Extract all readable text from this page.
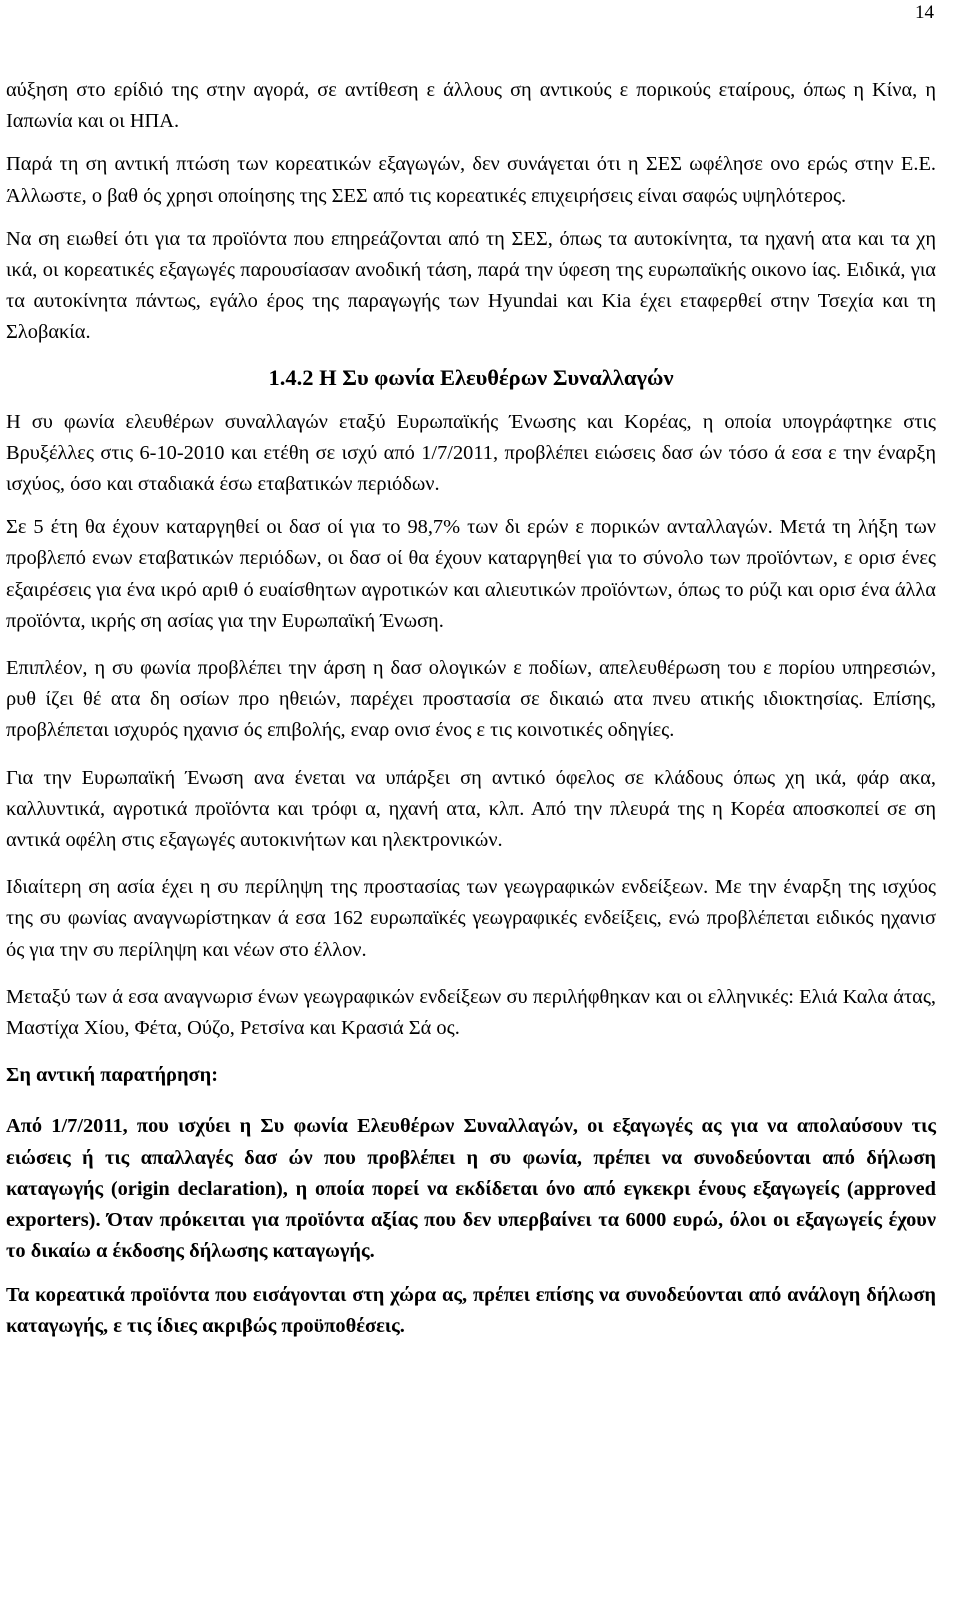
14

αύξηση στο ερίδιό της στην αγορά, σε αντίθεση ε άλλους ση αντικούς ε πορικούς εταίρους, όπως η Κίνα, η Ιαπωνία και οι ΗΠΑ.

Παρά τη ση αντική πτώση των κορεατικών εξαγωγών, δεν συνάγεται ότι η ΣΕΣ ωφέλησε ονο ερώς στην Ε.Ε. Άλλωστε, ο βαθ ός χρησι οποίησης της ΣΕΣ από τις κορεατικές επιχειρήσεις είναι σαφώς υψηλότερος.

Να ση ειωθεί ότι για τα προϊόντα που επηρεάζονται από τη ΣΕΣ, όπως τα αυτοκίνητα, τα ηχανή ατα και τα χη ικά, οι κορεατικές εξαγωγές παρουσίασαν ανοδική τάση, παρά την ύφεση της ευρωπαϊκής οικονο ίας. Ειδικά, για τα αυτοκίνητα πάντως, εγάλο έρος της παραγωγής των Hyundai και Kia έχει εταφερθεί στην Τσεχία και τη Σλοβακία.

1.4.2 Η Συ φωνία Ελευθέρων Συναλλαγών

Η συ φωνία ελευθέρων συναλλαγών εταξύ Ευρωπαϊκής Ένωσης και Κορέας, η οποία υπογράφτηκε στις Βρυξέλλες στις 6-10-2010 και ετέθη σε ισχύ από 1/7/2011, προβλέπει ειώσεις δασ ών τόσο ά εσα ε την έναρξη ισχύος, όσο και σταδιακά έσω εταβατικών περιόδων.

Σε 5 έτη θα έχουν καταργηθεί οι δασ οί για το 98,7% των δι ερών ε πορικών ανταλλαγών. Μετά τη λήξη των προβλεπό ενων εταβατικών περιόδων, οι δασ οί θα έχουν καταργηθεί για το σύνολο των προϊόντων, ε ορισ ένες εξαιρέσεις για ένα ικρό αριθ ό ευαίσθητων αγροτικών και αλιευτικών προϊόντων, όπως το ρύζι και ορισ ένα άλλα προϊόντα, ικρής ση ασίας για την Ευρωπαϊκή Ένωση.

Επιπλέον, η συ φωνία προβλέπει την άρση η δασ ολογικών ε ποδίων, απελευθέρωση του ε πορίου υπηρεσιών, ρυθ ίζει θέ ατα δη οσίων προ ηθειών, παρέχει προστασία σε δικαιώ ατα πνευ ατικής ιδιοκτησίας. Επίσης, προβλέπεται ισχυρός ηχανισ ός επιβολής, εναρ ονισ ένος ε τις κοινοτικές οδηγίες.

Για την Ευρωπαϊκή Ένωση ανα ένεται να υπάρξει ση αντικό όφελος σε κλάδους όπως χη ικά, φάρ ακα, καλλυντικά, αγροτικά προϊόντα και τρόφι α, ηχανή ατα, κλπ. Από την πλευρά της η Κορέα αποσκοπεί σε ση αντικά οφέλη στις εξαγωγές αυτοκινήτων και ηλεκτρονικών.

Ιδιαίτερη ση ασία έχει η συ περίληψη της προστασίας των γεωγραφικών ενδείξεων. Με την έναρξη της ισχύος της συ φωνίας αναγνωρίστηκαν ά εσα 162 ευρωπαϊκές γεωγραφικές ενδείξεις, ενώ προβλέπεται ειδικός ηχανισ ός για την συ περίληψη και νέων στο έλλον.

Μεταξύ των ά εσα αναγνωρισ ένων γεωγραφικών ενδείξεων συ περιλήφθηκαν και οι ελληνικές: Ελιά Καλα άτας, Μαστίχα Χίου, Φέτα, Ούζο, Ρετσίνα και Κρασιά Σά ος.

Ση αντική παρατήρηση:

Από 1/7/2011, που ισχύει η Συ φωνία Ελευθέρων Συναλλαγών, οι εξαγωγές ας για να απολαύσουν τις ειώσεις ή τις απαλλαγές δασ ών που προβλέπει η συ φωνία, πρέπει να συνοδεύονται από δήλωση καταγωγής (origin declaration), η οποία πορεί να εκδίδεται όνο από εγκεκρι ένους εξαγωγείς (approved exporters). Όταν πρόκειται για προϊόντα αξίας που δεν υπερβαίνει τα 6000 ευρώ, όλοι οι εξαγωγείς έχουν το δικαίω α έκδοσης δήλωσης καταγωγής.

Τα κορεατικά προϊόντα που εισάγονται στη χώρα ας, πρέπει επίσης να συνοδεύονται από ανάλογη δήλωση καταγωγής, ε τις ίδιες ακριβώς προϋποθέσεις.
